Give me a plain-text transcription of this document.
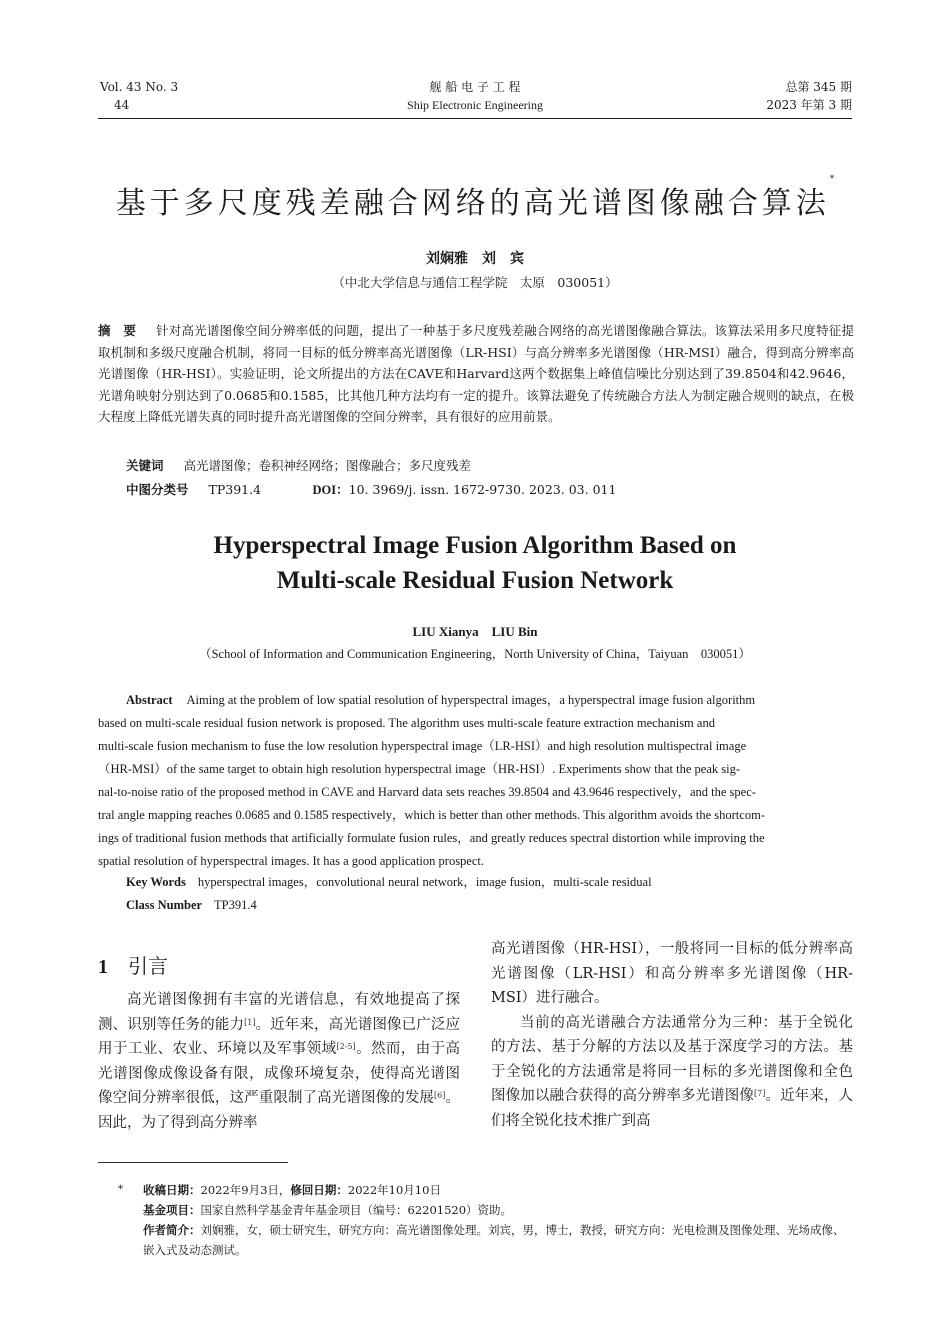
Vol. 43 No. 3
44
舰 船 电 子 工 程
Ship Electronic Engineering
总第 345 期
2023 年第 3 期
基于多尺度残差融合网络的高光谱图像融合算法*
刘娴雅　刘　宾
（中北大学信息与通信工程学院　太原　030051）
摘　要 针对高光谱图像空间分辨率低的问题，提出了一种基于多尺度残差融合网络的高光谱图像融合算法。该算法采用多尺度特征提取机制和多级尺度融合机制，将同一目标的低分辨率高光谱图像（LR-HSI）与高分辨率多光谱图像（HR-MSI）融合，得到高分辨率高光谱图像（HR-HSI）。实验证明，论文所提出的方法在CAVE和Harvard这两个数据集上峰值信噪比分别达到了39.8504和42.9646，光谱角映射分别达到了0.0685和0.1585，比其他几种方法均有一定的提升。该算法避免了传统融合方法人为制定融合规则的缺点，在极大程度上降低光谱失真的同时提升高光谱图像的空间分辨率，具有很好的应用前景。
关键词 高光谱图像；卷积神经网络；图像融合；多尺度残差
中图分类号 TP391.4	DOI：10. 3969/j. issn. 1672-9730. 2023. 03. 011
Hyperspectral Image Fusion Algorithm Based on
Multi-scale Residual Fusion Network
LIU Xianya　LIU Bin
（School of Information and Communication Engineering，North University of China，Taiyuan　030051）
Abstract Aiming at the problem of low spatial resolution of hyperspectral images，a hyperspectral image fusion algorithm
based on multi-scale residual fusion network is proposed. The algorithm uses multi-scale feature extraction mechanism and
multi-scale fusion mechanism to fuse the low resolution hyperspectral image（LR-HSI）and high resolution multispectral image
（HR-MSI）of the same target to obtain high resolution hyperspectral image（HR-HSI）. Experiments show that the peak sig-
nal-to-noise ratio of the proposed method in CAVE and Harvard data sets reaches 39.8504 and 43.9646 respectively，and the spec-
tral angle mapping reaches 0.0685 and 0.1585 respectively，which is better than other methods. This algorithm avoids the shortcom-
ings of traditional fusion methods that artificially formulate fusion rules，and greatly reduces spectral distortion while improving the
spatial resolution of hyperspectral images. It has a good application prospect.
Key Words hyperspectral images，convolutional neural network，image fusion，multi-scale residual
Class Number TP391.4
1 引言

高光谱图像拥有丰富的光谱信息，有效地提高了探测、识别等任务的能力[1]。近年来，高光谱图像已广泛应用于工业、农业、环境以及军事领域[2-5]。然而，由于高光谱图像成像设备有限，成像环境复杂，使得高光谱图像空间分辨率很低，这严重限制了高光谱图像的发展[6]。因此，为了得到高分辨率

高光谱图像（HR-HSI），一般将同一目标的低分辨率高光谱图像（LR-HSI）和高分辨率多光谱图像（HR-MSI）进行融合。

当前的高光谱融合方法通常分为三种：基于全锐化的方法、基于分解的方法以及基于深度学习的方法。基于全锐化的方法通常是将同一目标的多光谱图像和全色图像加以融合获得的高分辨率多光谱图像[7]。近年来，人们将全锐化技术推广到高

*	收稿日期：2022年9月3日，修回日期：2022年10月10日
基金项目：国家自然科学基金青年基金项目（编号：62201520）资助。
作者简介：刘娴雅，女，硕士研究生，研究方向：高光谱图像处理。刘宾，男，博士，教授，研究方向：光电检测及图像处理、光场成像、嵌入式及动态测试。
